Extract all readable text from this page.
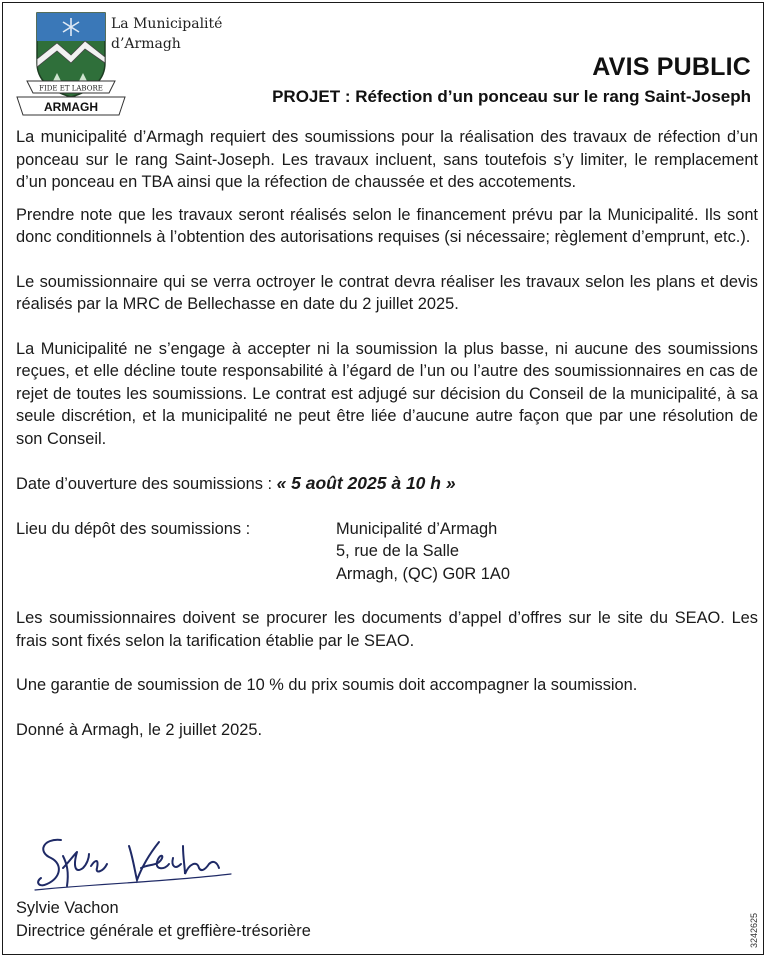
FIDE ET LABORE
ARMAGH
La Municipalité
d’Armagh
AVIS PUBLIC
PROJET : Réfection d’un ponceau sur le rang Saint-Joseph

La municipalité d’Armagh requiert des soumissions pour la réalisation des travaux de réfection d’un ponceau sur le rang Saint-Joseph. Les travaux incluent, sans toutefois s’y limiter, le remplacement d’un ponceau en TBA ainsi que la réfection de chaussée et des accotements.

Prendre note que les travaux seront réalisés selon le financement prévu par la Municipalité. Ils sont donc conditionnels à l’obtention des autorisations requises (si nécessaire; règlement d’emprunt, etc.).

Le soumissionnaire qui se verra octroyer le contrat devra réaliser les travaux selon les plans et devis réalisés par la MRC de Bellechasse en date du 2 juillet 2025.

La Municipalité ne s’engage à accepter ni la soumission la plus basse, ni aucune des soumissions reçues, et elle décline toute responsabilité à l’égard de l’un ou l’autre des soumissionnaires en cas de rejet de toutes les soumissions. Le contrat est adjugé sur décision du Conseil de la municipalité, à sa seule discrétion, et la municipalité ne peut être liée d’aucune autre façon que par une résolution de son Conseil.

Date d’ouverture des soumissions : « 5 août 2025 à 10 h »

Lieu du dépôt des soumissions :	Municipalité d’Armagh
5, rue de la Salle
Armagh, (QC) G0R 1A0

Les soumissionnaires doivent se procurer les documents d’appel d’offres sur le site du SEAO. Les frais sont fixés selon la tarification établie par le SEAO.

Une garantie de soumission de 10 % du prix soumis doit accompagner la soumission.

Donné à Armagh, le 2 juillet 2025.

Sylvie Vachon
Directrice générale et greffière-trésorière	3242625
